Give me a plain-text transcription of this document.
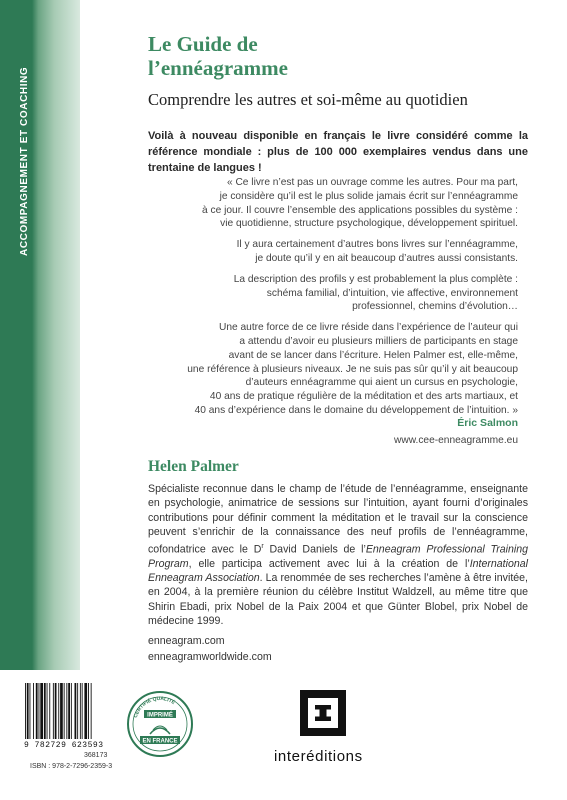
ACCOMPAGNEMENT ET COACHING
Le Guide de
l’ennéagramme

Comprendre les autres et soi-même au quotidien

Voilà à nouveau disponible en français le livre considéré comme la référence mondiale : plus de 100 000 exemplaires vendus dans une trentaine de langues !

« Ce livre n’est pas un ouvrage comme les autres. Pour ma part,
je considère qu’il est le plus solide jamais écrit sur l’ennéagramme
à ce jour. Il couvre l’ensemble des applications possibles du système :
vie quotidienne, structure psychologique, développement spirituel.

Il y aura certainement d’autres bons livres sur l’ennéagramme,
je doute qu’il y en ait beaucoup d’autres aussi consistants.

La description des profils y est probablement la plus complète :
schéma familial, d’intuition, vie affective, environnement
professionnel, chemins d’évolution…

Une autre force de ce livre réside dans l’expérience de l’auteur qui
a attendu d’avoir eu plusieurs milliers de participants en stage
avant de se lancer dans l’écriture. Helen Palmer est, elle-même,
une référence à plusieurs niveaux. Je ne suis pas sûr qu’il y ait beaucoup
d’auteurs ennéagramme qui aient un cursus en psychologie,
40 ans de pratique régulière de la méditation et des arts martiaux, et
40 ans d’expérience dans le domaine du développement de l’intuition. »

Éric Salmon
www.cee-enneagramme.eu
Helen Palmer

Spécialiste reconnue dans le champ de l’étude de l’ennéagramme, enseignante en psychologie, animatrice de sessions sur l’intuition, ayant fourni d’originales contributions pour définir comment la méditation et le travail sur la conscience peuvent s’enrichir de la connaissance des neuf profils de l’ennéagramme, cofondatrice avec le $D^r$ David Daniels de l’Enneagram Professional Training Program, elle participa activement avec lui à la création de l’International Enneagram Association. La renommée de ses recherches l’amène à être invitée, en 2004, à la première réunion du célèbre Institut Waldzell, au même titre que Shirin Ebadi, prix Nobel de la Paix 2004 et que Günter Blobel, prix Nobel de médecine 1999.

enneagram.com
enneagramworldwide.com
9 782729 623593
368173
ISBN : 978-2-7296-2359-3
CERTIFIÉ QUALITÉ
IMPRIMÉ
EN FRANCE
interéditions
